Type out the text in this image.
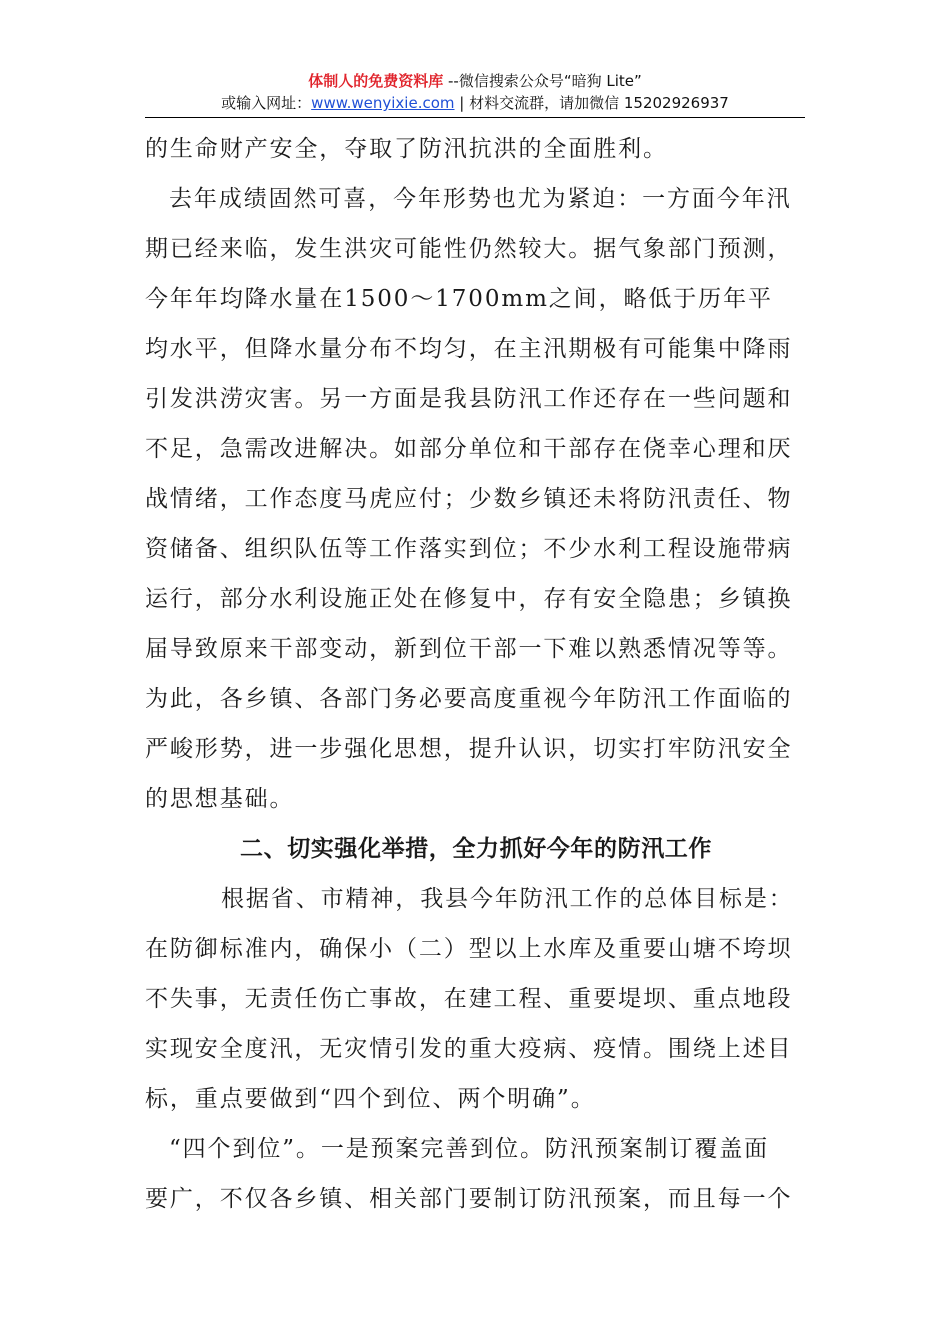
体制人的免费资料库 --微信搜索公众号“暗狗 Lite”
或输入网址：www.wenyixie.com | 材料交流群，请加微信 15202926937
的生命财产安全，夺取了防汛抗洪的全面胜利。
去年成绩固然可喜，今年形势也尤为紧迫：一方面今年汛
期已经来临，发生洪灾可能性仍然较大。据气象部门预测，
今年年均降水量在1500～1700mm之间，略低于历年平
均水平，但降水量分布不均匀，在主汛期极有可能集中降雨
引发洪涝灾害。另一方面是我县防汛工作还存在一些问题和
不足，急需改进解决。如部分单位和干部存在侥幸心理和厌
战情绪，工作态度马虎应付；少数乡镇还未将防汛责任、物
资储备、组织队伍等工作落实到位；不少水利工程设施带病
运行，部分水利设施正处在修复中，存有安全隐患；乡镇换
届导致原来干部变动，新到位干部一下难以熟悉情况等等。
为此，各乡镇、各部门务必要高度重视今年防汛工作面临的
严峻形势，进一步强化思想，提升认识，切实打牢防汛安全
的思想基础。
二、切实强化举措，全力抓好今年的防汛工作
根据省、市精神，我县今年防汛工作的总体目标是：
在防御标准内，确保小（二）型以上水库及重要山塘不垮坝
不失事，无责任伤亡事故，在建工程、重要堤坝、重点地段
实现安全度汛，无灾情引发的重大疫病、疫情。围绕上述目
标，重点要做到“四个到位、两个明确”。
“四个到位”。一是预案完善到位。防汛预案制订覆盖面
要广，不仅各乡镇、相关部门要制订防汛预案，而且每一个
